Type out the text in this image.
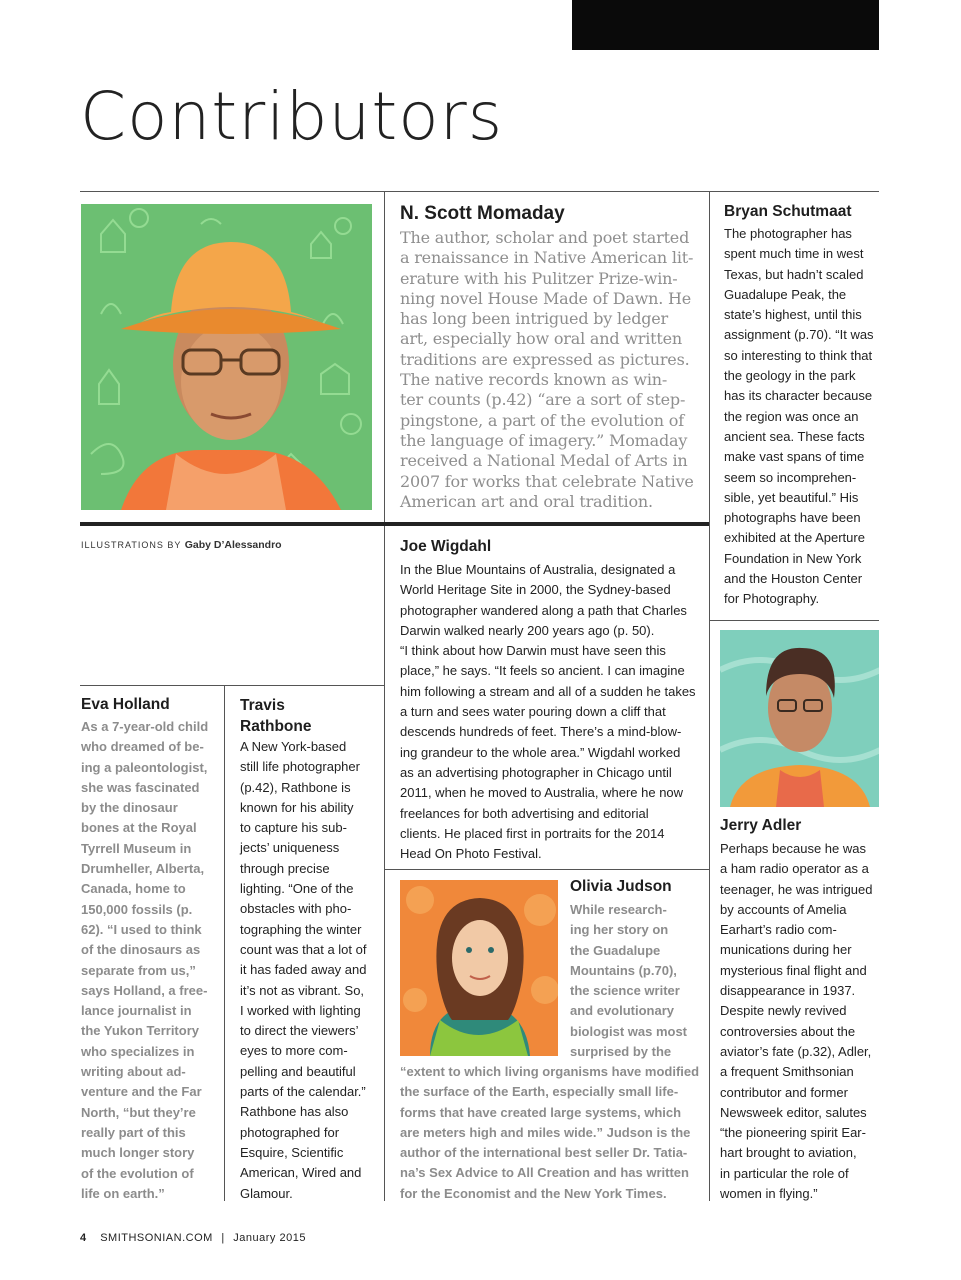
Contributors
ILLUSTRATIONS BY Gaby D’Alessandro
N. Scott Momaday
The author, scholar and poet started
a renaissance in Native American lit-
erature with his Pulitzer Prize-win-
ning novel House Made of Dawn. He
has long been intrigued by ledger
art, especially how oral and written
traditions are expressed as pictures.
The native records known as win-
ter counts (p.42) “are a sort of step-
pingstone, a part of the evolution of
the language of imagery.” Momaday
received a National Medal of Arts in
2007 for works that celebrate Native
American art and oral tradition.
Bryan Schutmaat
The photographer has
spent much time in west
Texas, but hadn’t scaled
Guadalupe Peak, the
state’s highest, until this
assignment (p.70). “It was
so interesting to think that
the geology in the park
has its character because
the region was once an
ancient sea. These facts
make vast spans of time
seem so incomprehen-
sible, yet beautiful.” His
photographs have been
exhibited at the Aperture
Foundation in New York
and the Houston Center
for Photography.
Joe Wigdahl
In the Blue Mountains of Australia, designated a
World Heritage Site in 2000, the Sydney-based
photographer wandered along a path that Charles
Darwin walked nearly 200 years ago (p. 50).
“I think about how Darwin must have seen this
place,” he says. “It feels so ancient. I can imagine
him following a stream and all of a sudden he takes
a turn and sees water pouring down a cliff that
descends hundreds of feet. There’s a mind-blow-
ing grandeur to the whole area.” Wigdahl worked
as an advertising photographer in Chicago until
2011, when he moved to Australia, where he now
freelances for both advertising and editorial
clients. He placed first in portraits for the 2014
Head On Photo Festival.
Jerry Adler
Perhaps because he was
a ham radio operator as a
teenager, he was intrigued
by accounts of Amelia
Earhart’s radio com-
munications during her
mysterious final flight and
disappearance in 1937.
Despite newly revived
controversies about the
aviator’s fate (p.32), Adler,
a frequent Smithsonian
contributor and former
Newsweek editor, salutes
“the pioneering spirit Ear-
hart brought to aviation,
in particular the role of
women in flying.”
Eva Holland
As a 7-year-old child
who dreamed of be-
ing a paleontologist,
she was fascinated
by the dinosaur
bones at the Royal
Tyrrell Museum in
Drumheller, Alberta,
Canada, home to
150,000 fossils (p.
62). “I used to think
of the dinosaurs as
separate from us,”
says Holland, a free-
lance journalist in
the Yukon Territory
who specializes in
writing about ad-
venture and the Far
North, “but they’re
really part of this
much longer story
of the evolution of
life on earth.”
Travis
Rathbone
A New York-based
still life photographer
(p.42), Rathbone is
known for his ability
to capture his sub-
jects’ uniqueness
through precise
lighting. “One of the
obstacles with pho-
tographing the winter
count was that a lot of
it has faded away and
it’s not as vibrant. So,
I worked with lighting
to direct the viewers’
eyes to more com-
pelling and beautiful
parts of the calendar.”
Rathbone has also
photographed for
Esquire, Scientific
American, Wired and
Glamour.
Olivia Judson
While research-
ing her story on
the Guadalupe
Mountains (p.70),
the science writer
and evolutionary
biologist was most
surprised by the
“extent to which living organisms have modified
the surface of the Earth, especially small life-
forms that have created large systems, which
are meters high and miles wide.” Judson is the
author of the international best seller Dr. Tatia-
na’s Sex Advice to All Creation and has written
for the Economist and the New York Times.
4 SMITHSONIAN.COM | January 2015
